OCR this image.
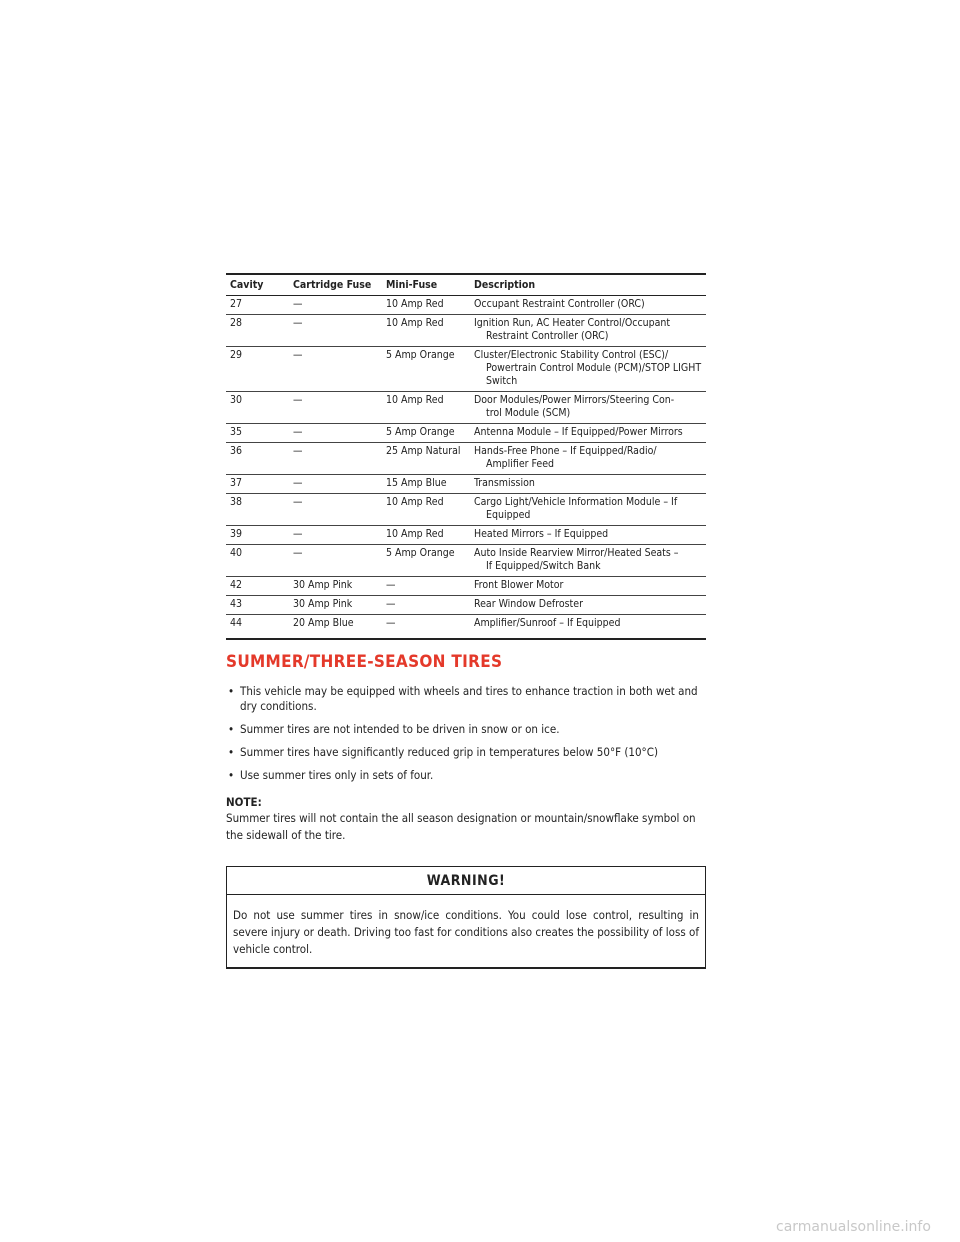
Cavity	Cartridge Fuse	Mini-Fuse	Description
27	—	10 Amp Red	Occupant Restraint Controller (ORC)
28	—	10 Amp Red	Ignition Run, AC Heater Control/Occupant
Restraint Controller (ORC)

29	—	5 Amp Orange	Cluster/Electronic Stability Control (ESC)/
Powertrain Control Module (PCM)/STOP LIGHT Switch

30	—	10 Amp Red	Door Modules/Power Mirrors/Steering Con-
trol Module (SCM)

35	—	5 Amp Orange	Antenna Module – If Equipped/Power Mirrors
36	—	25 Amp Natural	Hands-Free Phone – If Equipped/Radio/
Amplifier Feed

37	—	15 Amp Blue	Transmission
38	—	10 Amp Red	Cargo Light/Vehicle Information Module – If
Equipped

39	—	10 Amp Red	Heated Mirrors – If Equipped
40	—	5 Amp Orange	Auto Inside Rearview Mirror/Heated Seats –
If Equipped/Switch Bank

42	30 Amp Pink	—	Front Blower Motor
43	30 Amp Pink	—	Rear Window Defroster
44	20 Amp Blue	—	Amplifier/Sunroof – If Equipped
SUMMER/THREE-SEASON TIRES
• This vehicle may be equipped with wheels and tires to enhance traction in both wet and dry conditions.
• Summer tires are not intended to be driven in snow or on ice.
• Summer tires have significantly reduced grip in temperatures below 50°F (10°C)
• Use summer tires only in sets of four.
NOTE:
Summer tires will not contain the all season designation or mountain/snowflake symbol on the sidewall of the tire.
WARNING!
Do not use summer tires in snow/ice conditions. You could lose control, resulting in severe injury or death. Driving too fast for conditions also creates the possibility of loss of vehicle control.
carmanualsonline.info
